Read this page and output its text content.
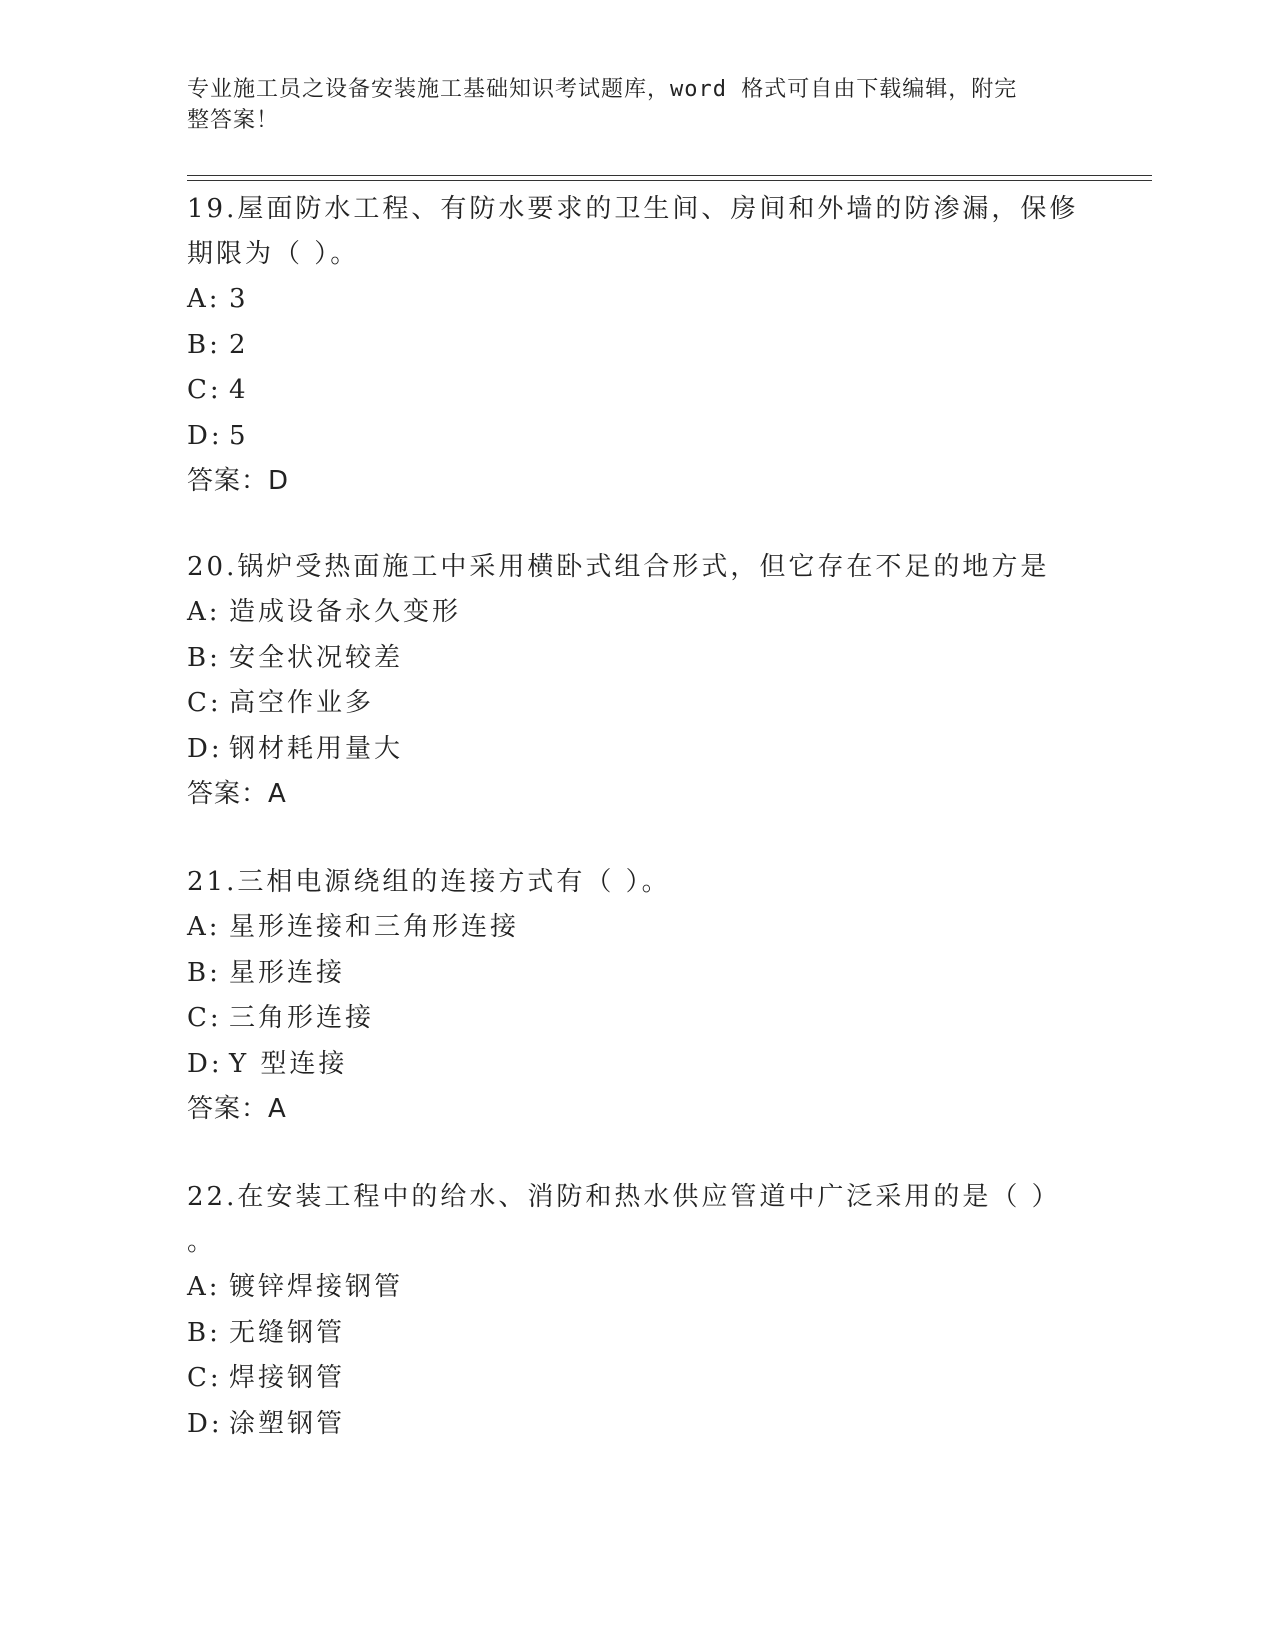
专业施工员之设备安装施工基础知识考试题库，word 格式可自由下载编辑，附完
整答案！

19.屋面防水工程、有防水要求的卫生间、房间和外墙的防渗漏，保修

期限为（ ）。

A: 3

B: 2

C: 4

D: 5

答案：D

20.锅炉受热面施工中采用横卧式组合形式，但它存在不足的地方是

A: 造成设备永久变形

B: 安全状况较差

C: 高空作业多

D: 钢材耗用量大

答案：A

21.三相电源绕组的连接方式有（ ）。

A: 星形连接和三角形连接

B: 星形连接

C: 三角形连接

D: Y 型连接

答案：A

22.在安装工程中的给水、消防和热水供应管道中广泛采用的是（ ）

。

A: 镀锌焊接钢管

B: 无缝钢管

C: 焊接钢管

D: 涂塑钢管
